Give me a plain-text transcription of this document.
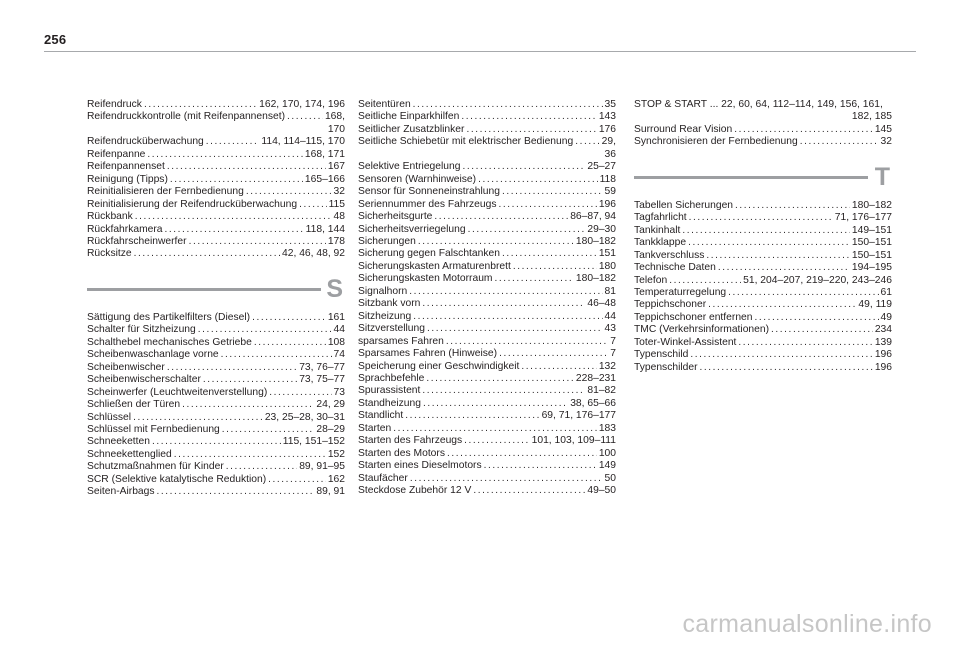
256
Reifendruck .....	162, 170, 174, 196
Reifendruckkontrolle (mit Reifenpannenset) .....	168,
170
Reifendrucküberwachung .....	114, 114–115, 170
Reifenpanne .....	168, 171
Reifenpannenset .....	167
Reinigung (Tipps) .....	165–166
Reinitialisieren der Fernbedienung .....	32
Reinitialisierung der Reifendrucküberwachung .....	115
Rückbank .....	48
Rückfahrkamera .....	118, 144
Rückfahrscheinwerfer .....	178
Rücksitze .....	42, 46, 48, 92
S
Sättigung des Partikelfilters (Diesel) .....	161
Schalter für Sitzheizung .....	44
Schalthebel mechanisches Getriebe .....	108
Scheibenwaschanlage vorne .....	74
Scheibenwischer .....	73, 76–77
Scheibenwischerschalter .....	73, 75–77
Scheinwerfer (Leuchtweitenverstellung) .....	73
Schließen der Türen .....	24, 29
Schlüssel .....	23, 25–28, 30–31
Schlüssel mit Fernbedienung .....	28–29
Schneeketten .....	115, 151–152
Schneekettenglied .....	152
Schutzmaßnahmen für Kinder .....	89, 91–95
SCR (Selektive katalytische Reduktion) .....	162
Seiten-Airbags .....	89, 91
Seitentüren .....	35
Seitliche Einparkhilfen .....	143
Seitlicher Zusatzblinker .....	176
Seitliche Schiebetür mit elektrischer Bedienung .....	29,
36
Selektive Entriegelung .....	25–27
Sensoren (Warnhinweise) .....	118
Sensor für Sonneneinstrahlung .....	59
Seriennummer des Fahrzeugs .....	196
Sicherheitsgurte .....	86–87, 94
Sicherheitsverriegelung .....	29–30
Sicherungen .....	180–182
Sicherung gegen Falschtanken .....	151
Sicherungskasten Armaturenbrett .....	180
Sicherungskasten Motorraum .....	180–182
Signalhorn .....	81
Sitzbank vorn .....	46–48
Sitzheizung .....	44
Sitzverstellung .....	43
sparsames Fahren .....	7
Sparsames Fahren (Hinweise) .....	7
Speicherung einer Geschwindigkeit .....	132
Sprachbefehle .....	228–231
Spurassistent .....	81–82
Standheizung .....	38, 65–66
Standlicht .....	69, 71, 176–177
Starten .....	183
Starten des Fahrzeugs .....	101, 103, 109–111
Starten des Motors .....	100
Starten eines Dieselmotors .....	149
Staufächer .....	50
Steckdose Zubehör 12 V .....	49–50
STOP & START ... 22, 60, 64, 112–114, 149, 156, 161,
182, 185
Surround Rear Vision .....	145
Synchronisieren der Fernbedienung .....	32
T
Tabellen Sicherungen .....	180–182
Tagfahrlicht .....	71, 176–177
Tankinhalt .....	149–151
Tankklappe .....	150–151
Tankverschluss .....	150–151
Technische Daten .....	194–195
Telefon .....	51, 204–207, 219–220, 243–246
Temperaturregelung .....	61
Teppichschoner .....	49, 119
Teppichschoner entfernen .....	49
TMC (Verkehrsinformationen) .....	234
Toter-Winkel-Assistent .....	139
Typenschild .....	196
Typenschilder .....	196
carmanualsonline.info
